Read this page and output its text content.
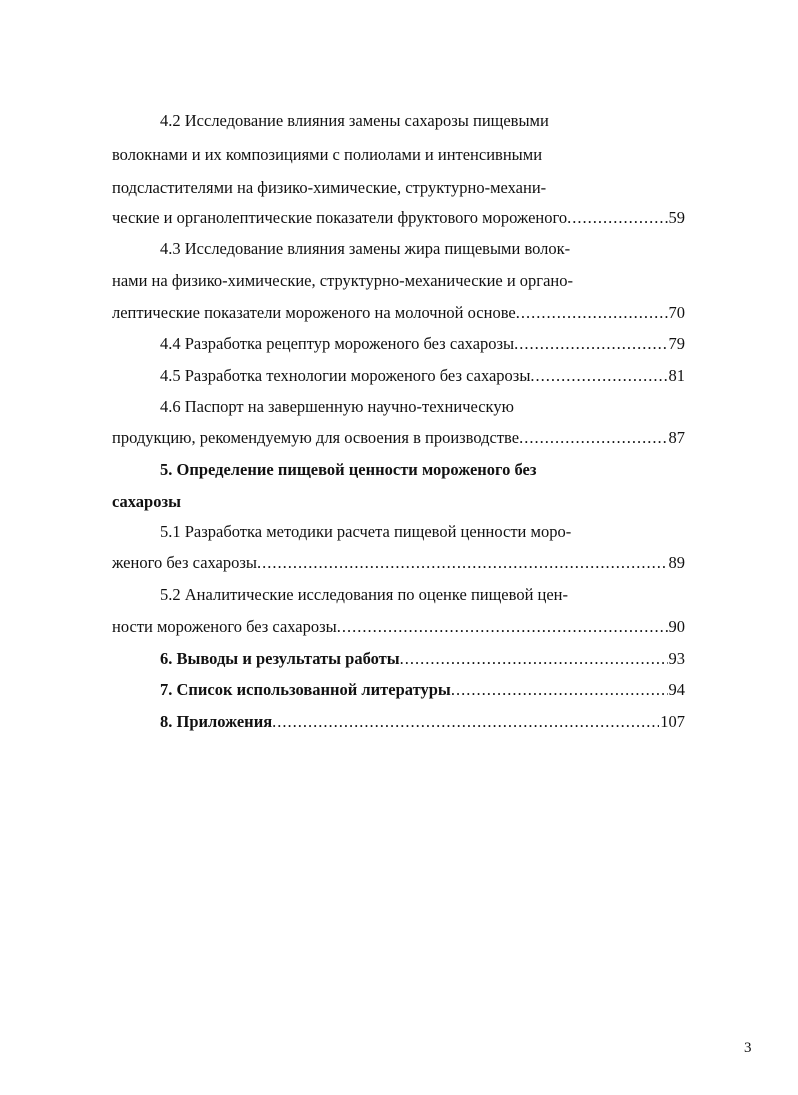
4.2 Исследование влияния замены сахарозы пищевыми
волокнами и их композициями с полиолами и интенсивными
подсластителями на физико-химические, структурно-механи-
ческие и органолептические показатели фруктового мороженого .....	59
4.3 Исследование влияния замены жира пищевыми волок-
нами на физико-химические, структурно-механические и органо-
лептические показатели мороженого на молочной основе .....	70
4.4 Разработка рецептур мороженого без сахарозы .....	79
4.5 Разработка технологии мороженого без сахарозы .....	81
4.6 Паспорт на завершенную научно-техническую
продукцию, рекомендуемую для освоения в производстве .....	87
5. Определение пищевой ценности мороженого без
сахарозы
5.1 Разработка методики расчета пищевой ценности моро-
женого без сахарозы .....	89
5.2 Аналитические исследования по оценке пищевой цен-
ности мороженого без сахарозы .....	90
6. Выводы и результаты работы .....	93
7. Список использованной литературы .....	94
8. Приложения .....	107
3
